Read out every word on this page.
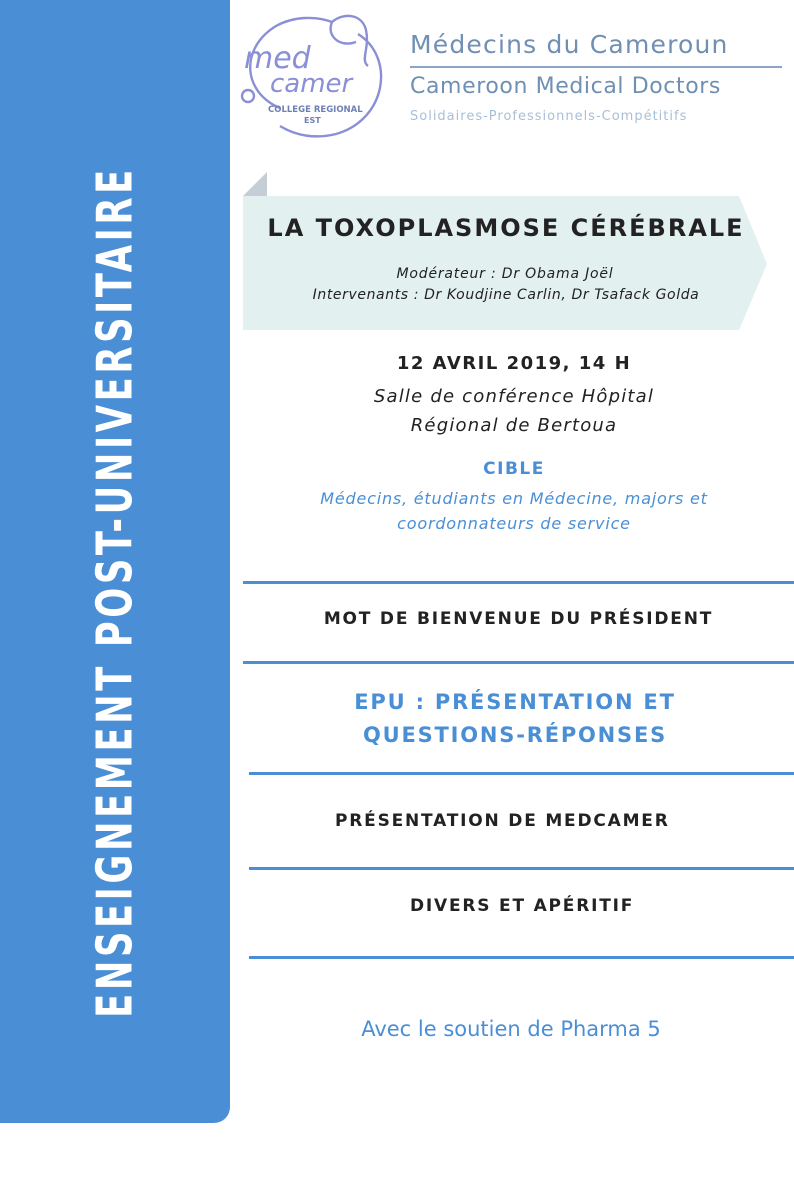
ENSEIGNEMENT POST-UNIVERSITAIRE
med
camer
COLLEGE REGIONAL
EST
Médecins du Cameroun
Cameroon Medical Doctors
Solidaires-Professionnels-Compétitifs
LA TOXOPLASMOSE CÉRÉBRALE
Modérateur : Dr Obama Joël
Intervenants : Dr Koudjine Carlin, Dr Tsafack Golda
12 AVRIL 2019, 14 H
Salle de conférence Hôpital Régional de Bertoua
CIBLE
Médecins, étudiants en Médecine, majors et coordonnateurs de service
MOT DE BIENVENUE DU PRÉSIDENT
EPU : PRÉSENTATION ET QUESTIONS-RÉPONSES
PRÉSENTATION DE MEDCAMER
DIVERS ET APÉRITIF
Avec le soutien de Pharma 5
